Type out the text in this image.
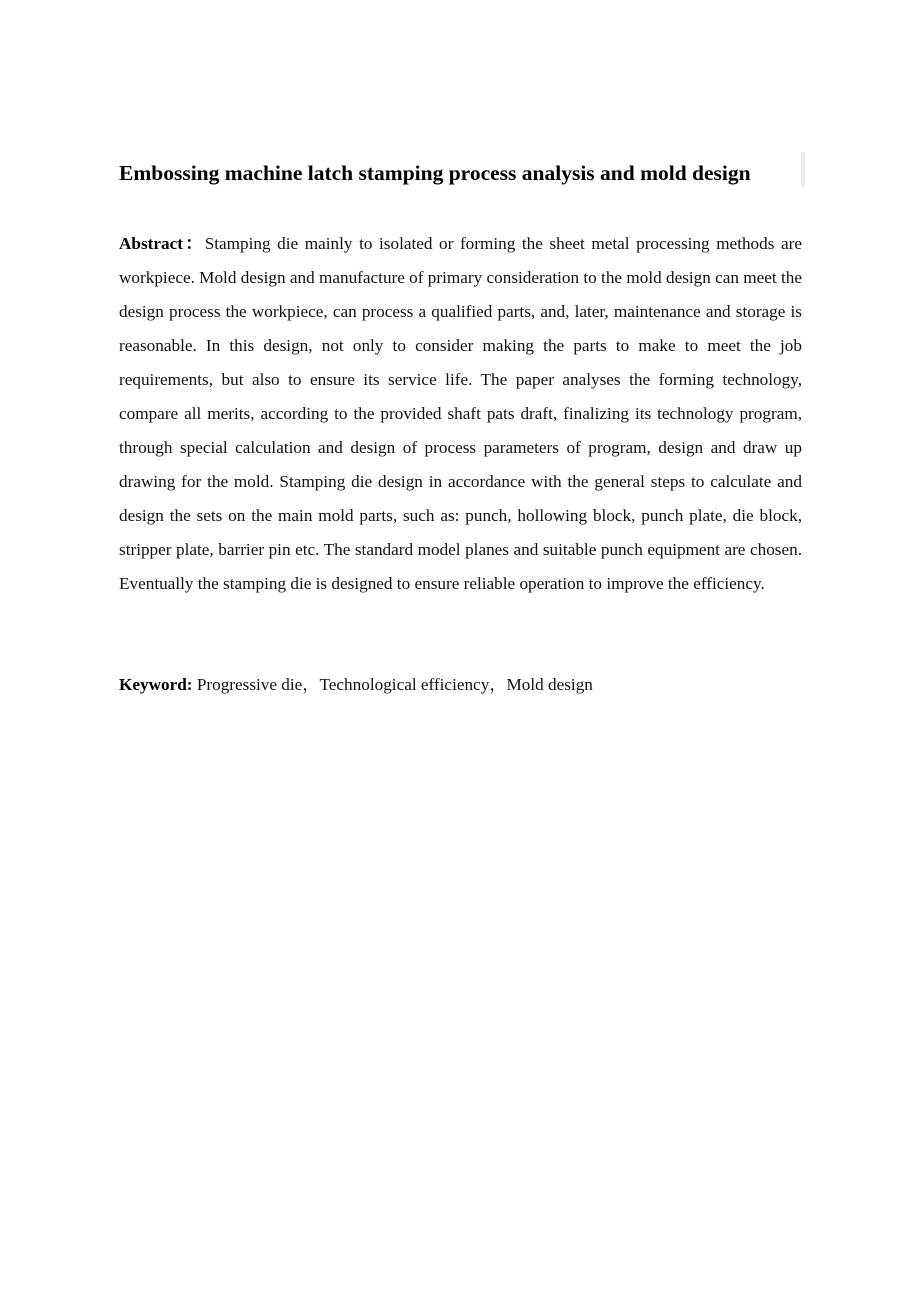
Embossing machine latch stamping process analysis and mold design

Abstract：Stamping die mainly to isolated or forming the sheet metal processing methods are workpiece. Mold design and manufacture of primary consideration to the mold design can meet the design process the workpiece, can process a qualified parts, and, later, maintenance and storage is reasonable. In this design, not only to consider making the parts to make to meet the job requirements, but also to ensure its service life. The paper analyses the forming technology, compare all merits, according to the provided shaft pats draft, finalizing its technology program, through special calculation and design of process parameters of program, design and draw up drawing for the mold. Stamping die design in accordance with the general steps to calculate and design the sets on the main mold parts, such as: punch, hollowing block, punch plate, die block, stripper plate, barrier pin etc. The standard model planes and suitable punch equipment are chosen. Eventually the stamping die is designed to ensure reliable operation to improve the efficiency.

Keyword: Progressive die，Technological efficiency，Mold design
